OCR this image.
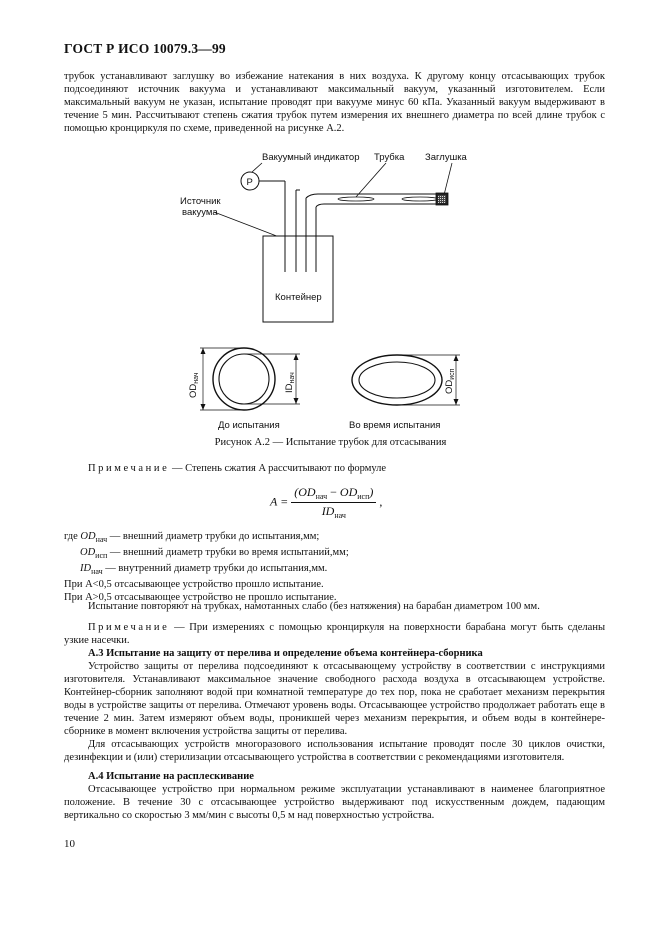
ГОСТ Р ИСО 10079.3—99

трубок устанавливают заглушку во избежание натекания в них воздуха. К другому концу отсасывающих трубок подсоединяют источник вакуума и устанавливают максимальный вакуум, указанный изготовителем. Если максимальный вакуум не указан, испытание проводят при вакууме минус 60 кПа. Указанный вакуум выдерживают в течение 5 мин. Рассчитывают степень сжатия трубок путем измерения их внешнего диаметра по всей длине трубок с помощью кронциркуля по схеме, приведенной на рисунке А.2.

Вакуумный индикатор Трубка Заглушка
Источник
вакуума
P
Контейнер
$OD_{нач}$
$ID_{нач}$
До испытания
$OD_{исп}$
Во время испытания
Рисунок А.2 — Испытание трубок для отсасывания

Примечание — Степень сжатия A рассчитывают по формуле

$A = \frac{(OD_{нач} - OD_{исп})}{ID_{нач}}$ ,

где $OD_{нач}$ — внешний диаметр трубки до испытания,мм;

$OD_{исп}$ — внешний диаметр трубки во время испытаний,мм;

$ID_{нач}$ — внутренний диаметр трубки до испытания,мм.

При A<0,5 отсасывающее устройство прошло испытание.

При A>0,5 отсасывающее устройство не прошло испытание.

Испытание повторяют на трубках, намотанных слабо (без натяжения) на барабан диаметром 100 мм.

Примечание — При измерениях с помощью кронциркуля на поверхности барабана могут быть сделаны узкие насечки.

А.3 Испытание на защиту от перелива и определение объема контейнера-сборника

Устройство защиты от перелива подсоединяют к отсасывающему устройству в соответствии с инструкциями изготовителя. Устанавливают максимальное значение свободного расхода воздуха в отсасывающем устройстве. Контейнер-сборник заполняют водой при комнатной температуре до тех пор, пока не сработает механизм перекрытия воды в устройстве защиты от перелива. Отмечают уровень воды. Отсасывающее устройство продолжает работать еще в течение 2 мин. Затем измеряют объем воды, проникшей через механизм перекрытия, и объем воды в контейнере-сборнике в момент включения устройства защиты от перелива.

Для отсасывающих устройств многоразового использования испытание проводят после 30 циклов очистки, дезинфекции и (или) стерилизации отсасывающего устройства в соответствии с рекомендациями изготовителя.

А.4 Испытание на расплескивание

Отсасывающее устройство при нормальном режиме эксплуатации устанавливают в наименее благоприятное положение. В течение 30 с отсасывающее устройство выдерживают под искусственным дождем, падающим вертикально со скоростью 3 мм/мин с высоты 0,5 м над поверхностью устройства.

10
